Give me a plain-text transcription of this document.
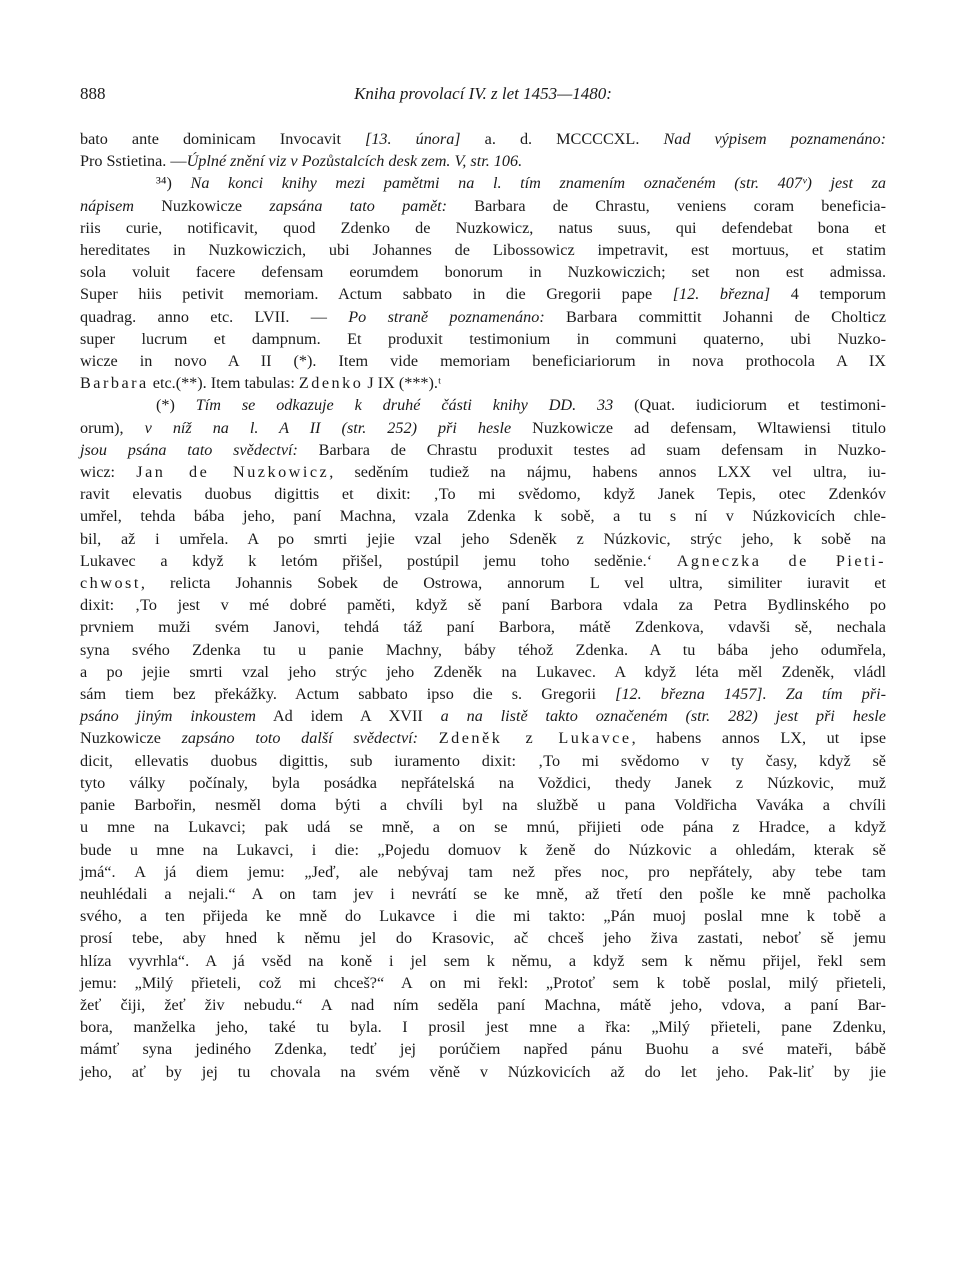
Kniha provolací IV. z let 1453—1480:
888
bato ante dominicam Invocavit [13. února] a. d. MCCCCXL. Nad výpisem poznamenáno:
Pro Sstietina. —Úplné znění viz v Pozůstalcích desk zem. V, str. 106.
³⁴) Na konci knihy mezi pamětmi na l. tím znamením označeném (str. 407ᵛ) jest za
nápisem Nuzkowicze zapsána tato pamět: Barbara de Chrastu, veniens coram beneficia-
riis curie, notificavit, quod Zdenko de Nuzkowicz, natus suus, qui defendebat bona et
hereditates in Nuzkowiczich, ubi Johannes de Libossowicz impetravit, est mortuus, et statim
sola voluit facere defensam eorumdem bonorum in Nuzkowiczich; set non est admissa.
Super hiis petivit memoriam. Actum sabbato in die Gregorii pape [12. března] 4 temporum
quadrag. anno etc. LVII. — Po straně poznamenáno: Barbara committit Johanni de Cholticz
super lucrum et dampnum. Et produxit testimonium in communi quaterno, ubi Nuzko-
wicze in novo A II (*). Item vide memoriam beneficiariorum in nova prothocola A IX
Barbara etc.(**). Item tabulas: Zdenko J IX (***).ᵗ
(*) Tím se odkazuje k druhé části knihy DD. 33 (Quat. iudiciorum et testimoni-
orum), v níž na l. A II (str. 252) při hesle Nuzkowicze ad defensam, Wltawiensi titulo
jsou psána tato svědectví: Barbara de Chrastu produxit testes ad suam defensam in Nuzko-
wicz: Jan de Nuzkowicz, seděním tudiež na nájmu, habens annos LXX vel ultra, iu-
ravit elevatis duobus digittis et dixit: ‚To mi svědomo, když Janek Tepis, otec Zdenkóv
umřel, tehda bába jeho, paní Machna, vzala Zdenka k sobě, a tu s ní v Núzkovicích chle-
bil, až i umřela. A po smrti jejie vzal jeho Sdeněk z Núzkovic, strýc jeho, k sobě na
Lukavec a když k letóm přišel, postúpil jemu toho seděnie.‘ Agneczka de Pieti-
chwost, relicta Johannis Sobek de Ostrowa, annorum L vel ultra, similiter iuravit et
dixit: ‚To jest v mé dobré paměti, když sě paní Barbora vdala za Petra Bydlinského po
prvniem muži svém Janovi, tehdá táž paní Barbora, mátě Zdenkova, vdavši sě, nechala
syna svého Zdenka tu u panie Machny, báby téhož Zdenka. A tu bába jeho odumřela,
a po jejie smrti vzal jeho strýc jeho Zdeněk na Lukavec. A když léta měl Zdeněk, vládl
sám tiem bez překážky. Actum sabbato ipso die s. Gregorii [12. března 1457]. Za tím při-
psáno jiným inkoustem Ad idem A XVII a na listě takto označeném (str. 282) jest při hesle
Nuzkowicze zapsáno toto další svědectví: Zdeněk z Lukavce, habens annos LX, ut ipse
dicit, ellevatis duobus digittis, sub iuramento dixit: ‚To mi svědomo v ty časy, když sě
tyto války počínaly, byla posádka nepřátelská na Voždici, thedy Janek z Núzkovic, muž
panie Barbořin, nesměl doma býti a chvíli byl na službě u pana Voldřicha Vaváka a chvíli
u mne na Lukavci; pak udá se mně, a on se mnú, přijieti ode pána z Hradce, a když
bude u mne na Lukavci, i die: „Pojedu domuov k ženě do Núzkovic a ohledám, kterak sě
jmá“. A já diem jemu: „Jeď, ale nebývaj tam než přes noc, pro nepřátely, aby tebe tam
neuhlédali a nejali.“ A on tam jev i nevrátí se ke mně, až třetí den pošle ke mně pacholka
svého, a ten přijeda ke mně do Lukavce i die mi takto: „Pán muoj poslal mne k tobě a
prosí tebe, aby hned k němu jel do Krasovic, ač chceš jeho živa zastati, neboť sě jemu
hlíza vyvrhla“. A já vsěd na koně i jel sem k němu, a když sem k němu přijel, řekl sem
jemu: „Milý přieteli, což mi chceš?“ A on mi řekl: „Protoť sem k tobě poslal, milý přieteli,
žeť čiji, žeť živ nebudu.“ A nad ním seděla paní Machna, mátě jeho, vdova, a paní Bar-
bora, manželka jeho, také tu byla. I prosil jest mne a řka: „Milý přieteli, pane Zdenku,
mámť syna jediného Zdenka, tedť jej porúčiem napřed pánu Buohu a své mateři, bábě
jeho, ať by jej tu chovala na svém věně v Núzkovicích až do let jeho. Pak-liť by jie
